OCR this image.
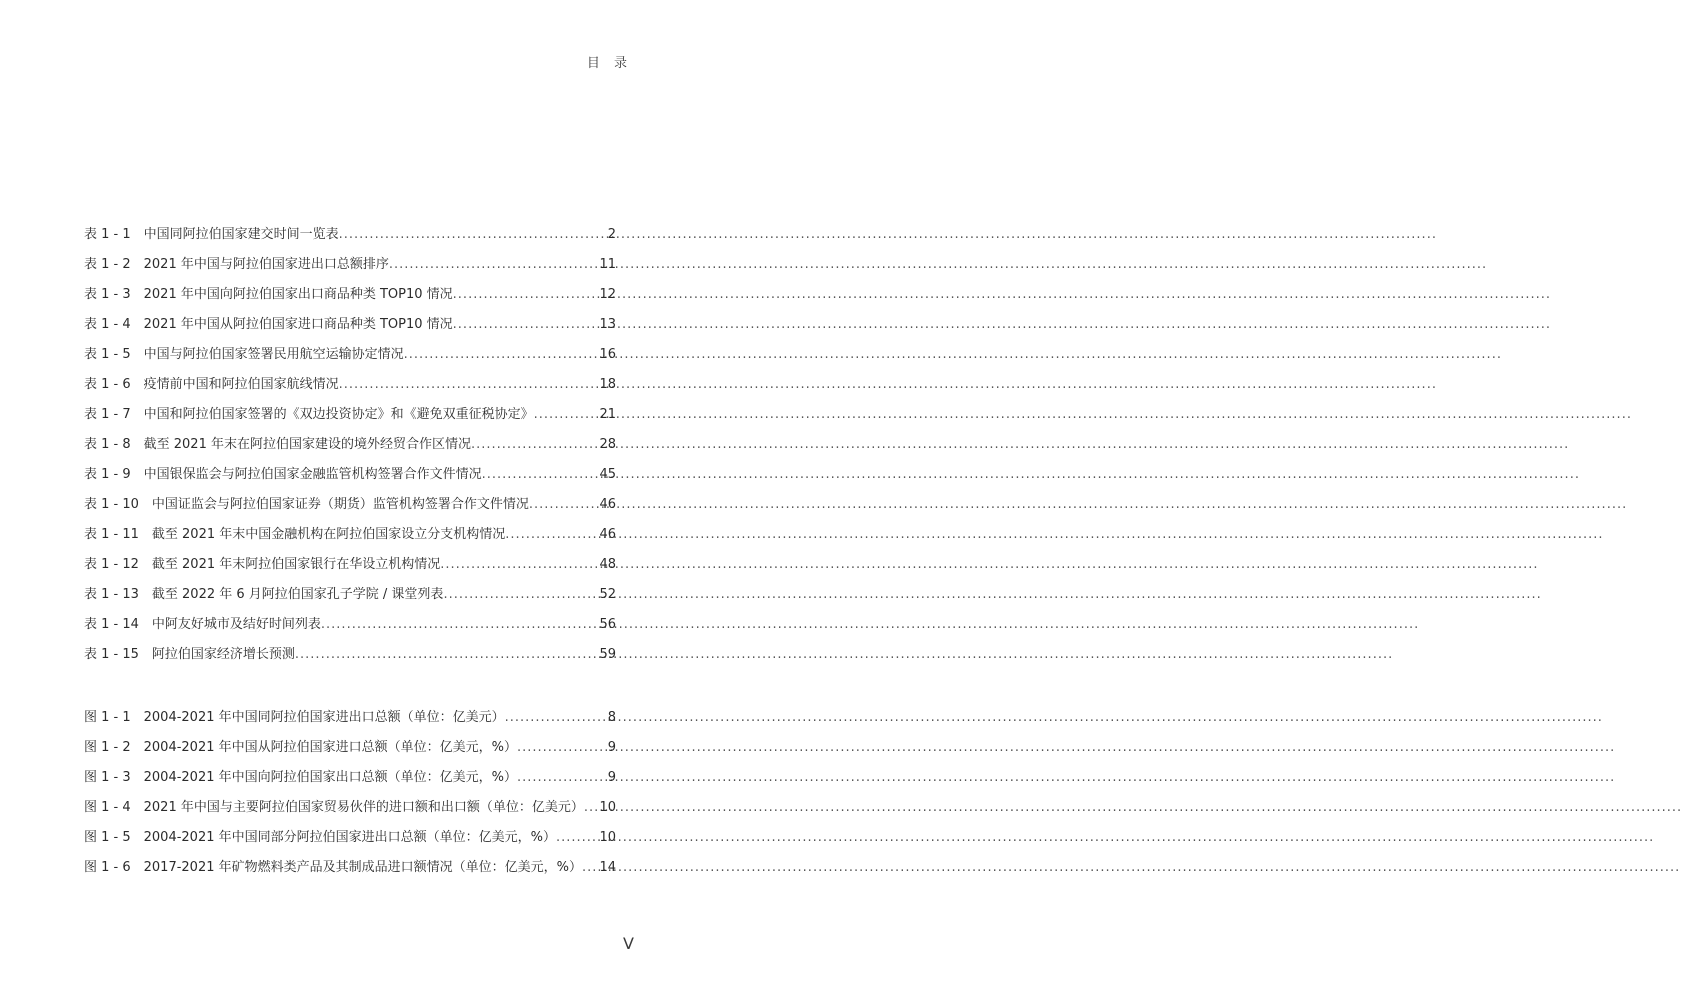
目 录
表 1 - 1　中国同阿拉伯国家建交时间一览表 .....	2
表 1 - 2　2021 年中国与阿拉伯国家进出口总额排序 .....	11
表 1 - 3　2021 年中国向阿拉伯国家出口商品种类 TOP10 情况 .....	12
表 1 - 4　2021 年中国从阿拉伯国家进口商品种类 TOP10 情况 .....	13
表 1 - 5　中国与阿拉伯国家签署民用航空运输协定情况 .....	16
表 1 - 6　疫情前中国和阿拉伯国家航线情况 .....	18
表 1 - 7　中国和阿拉伯国家签署的《双边投资协定》和《避免双重征税协定》 .....	21
表 1 - 8　截至 2021 年末在阿拉伯国家建设的境外经贸合作区情况 .....	28
表 1 - 9　中国银保监会与阿拉伯国家金融监管机构签署合作文件情况 .....	45
表 1 - 10　中国证监会与阿拉伯国家证券（期货）监管机构签署合作文件情况 .....	46
表 1 - 11　截至 2021 年末中国金融机构在阿拉伯国家设立分支机构情况 .....	46
表 1 - 12　截至 2021 年末阿拉伯国家银行在华设立机构情况 .....	48
表 1 - 13　截至 2022 年 6 月阿拉伯国家孔子学院 / 课堂列表 .....	52
表 1 - 14　中阿友好城市及结好时间列表 .....	56
表 1 - 15　阿拉伯国家经济增长预测 .....	59
图 1 - 1　2004-2021 年中国同阿拉伯国家进出口总额（单位：亿美元） .....	8
图 1 - 2　2004-2021 年中国从阿拉伯国家进口总额（单位：亿美元，%） .....	9
图 1 - 3　2004-2021 年中国向阿拉伯国家出口总额（单位：亿美元，%） .....	9
图 1 - 4　2021 年中国与主要阿拉伯国家贸易伙伴的进口额和出口额（单位：亿美元） ..... 10
图 1 - 5　2004-2021 年中国同部分阿拉伯国家进出口总额（单位：亿美元，%） .....	10
图 1 - 6　2017-2021 年矿物燃料类产品及其制成品进口额情况（单位：亿美元，%） ..... 14
V
